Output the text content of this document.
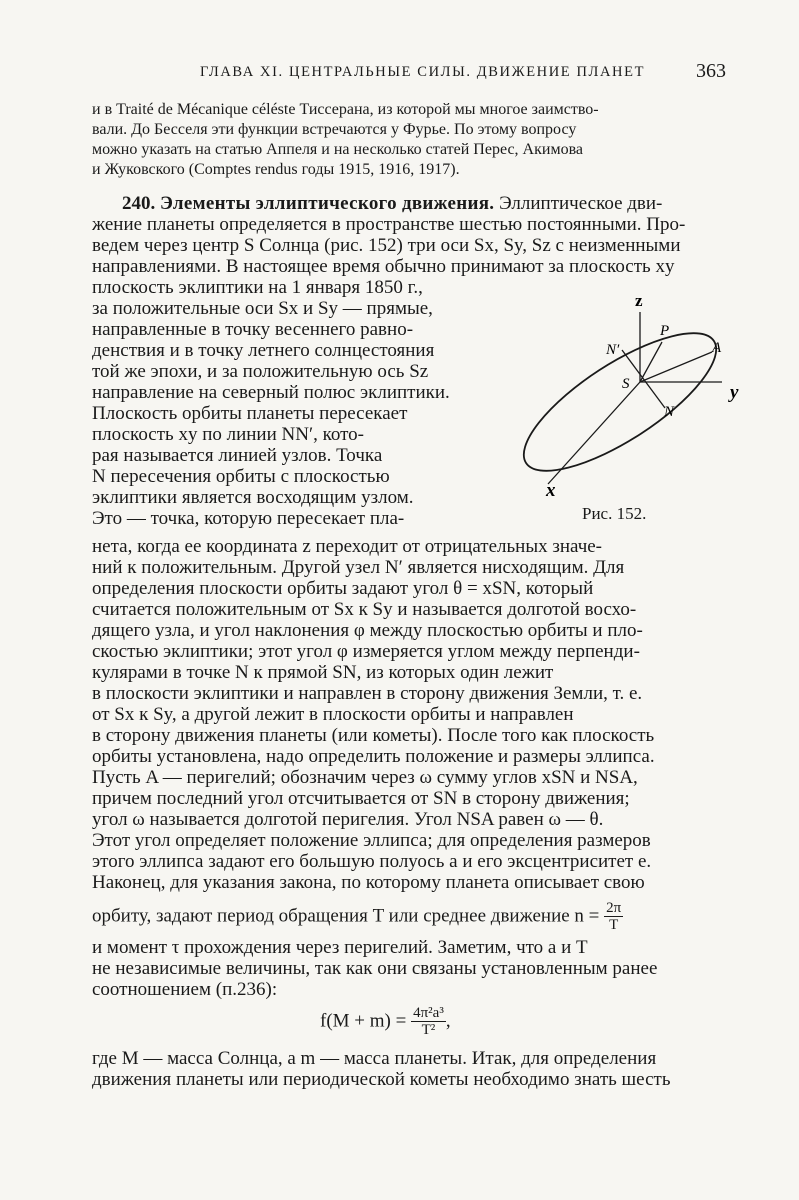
ГЛАВА XI. ЦЕНТРАЛЬНЫЕ СИЛЫ. ДВИЖЕНИЕ ПЛАНЕТ	363
и в Traité de Mécanique céléste Тиссерана, из которой мы многое заимство-
вали. До Бесселя эти функции встречаются у Фурье. По этому вопросу
можно указать на статью Аппеля и на несколько статей Перес, Акимова
и Жуковского (Comptes rendus годы 1915, 1916, 1917).
240. Элементы эллиптического движения. Эллиптическое дви-
жение планеты определяется в пространстве шестью постоянными. Про-
ведем через центр S Солнца (рис. 152) три оси Sx, Sy, Sz с неизменными
направлениями. В настоящее время обычно принимают за плоскость xy
плоскость эклиптики на 1 января 1850 г.,
за положительные оси Sx и Sy — прямые,
направленные в точку весеннего равно-
денствия и в точку летнего солнцестояния
той же эпохи, и за положительную ось Sz
направление на северный полюс эклиптики.
Плоскость орбиты планеты пересекает
плоскость xy по линии NN′, кото-
рая называется линией узлов. Точка
N пересечения орбиты с плоскостью
эклиптики является восходящим узлом.
Это — точка, которую пересекает пла-
z
y
x
P
A
N′
S
N
Рис. 152.
нета, когда ее координата z переходит от отрицательных значе-
ний к положительным. Другой узел N′ является нисходящим. Для
определения плоскости орбиты задают угол θ = xSN, который
считается положительным от Sx к Sy и называется долготой восхо-
дящего узла, и угол наклонения φ между плоскостью орбиты и пло-
скостью эклиптики; этот угол φ измеряется углом между перпенди-
кулярами в точке N к прямой SN, из которых один лежит
в плоскости эклиптики и направлен в сторону движения Земли, т. е.
от Sx к Sy, а другой лежит в плоскости орбиты и направлен
в сторону движения планеты (или кометы). После того как плоскость
орбиты установлена, надо определить положение и размеры эллипса.
Пусть A — перигелий; обозначим через ω сумму углов xSN и NSA,
причем последний угол отсчитывается от SN в сторону движения;
угол ω называется долготой перигелия. Угол NSA равен ω — θ.
Этот угол определяет положение эллипса; для определения размеров
этого эллипса задают его большую полуось a и его эксцентриситет e.
Наконец, для указания закона, по которому планета описывает свою
орбиту, задают период обращения T или среднее движение $n = \frac{2\pi}{T}$
и момент τ прохождения через перигелий. Заметим, что a и T
не независимые величины, так как они связаны установленным ранее
соотношением (п.236):
$f(M + m) = \frac{\text{4π²a³}}{\text{T²}}$ ,
где M — масса Солнца, а m — масса планеты. Итак, для определения
движения планеты или периодической кометы необходимо знать шесть
